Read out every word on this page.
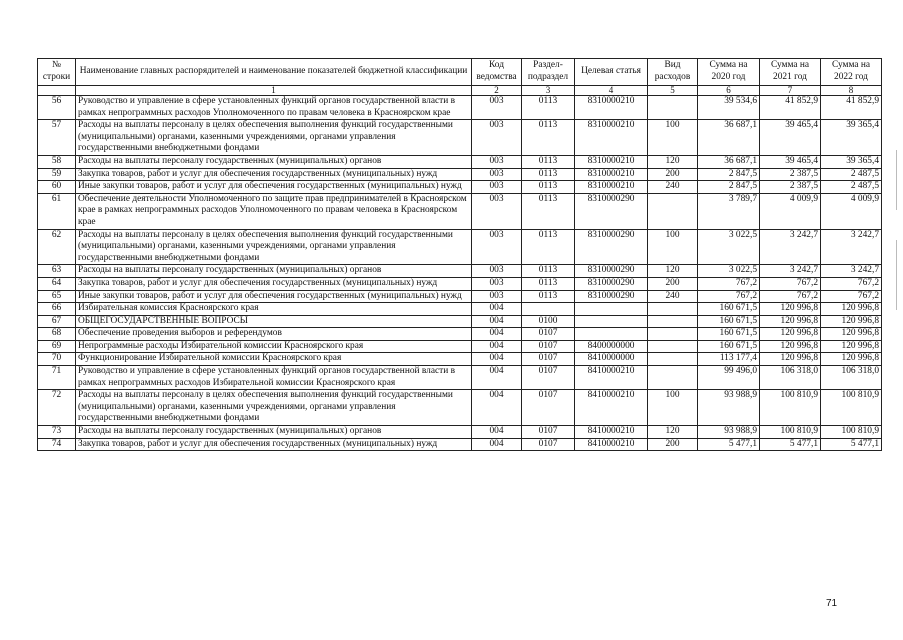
№ строки	Наименование главных распорядителей и наименование показателей бюджетной классификации	Код ведомства	Раздел-подраздел	Целевая статья	Вид расходов	Сумма на 2020 год	Сумма на 2021 год	Сумма на 2022 год
	1	2	3	4	5	6	7	8
56	Руководство и управление в сфере установленных функций органов государственной власти в рамках непрограммных расходов Уполномоченного по правам человека в Красноярском крае	003	0113	8310000210		39 534,6	41 852,9	41 852,9
57	Расходы на выплаты персоналу в целях обеспечения выполнения функций государственными (муниципальными) органами, казенными учреждениями, органами управления государственными внебюджетными фондами	003	0113	8310000210	100	36 687,1	39 465,4	39 365,4
58	Расходы на выплаты персоналу государственных (муниципальных) органов	003	0113	8310000210	120	36 687,1	39 465,4	39 365,4
59	Закупка товаров, работ и услуг для обеспечения государственных (муниципальных) нужд	003	0113	8310000210	200	2 847,5	2 387,5	2 487,5
60	Иные закупки товаров, работ и услуг для обеспечения государственных (муниципальных) нужд	003	0113	8310000210	240	2 847,5	2 387,5	2 487,5
61	Обеспечение деятельности Уполномоченного по защите прав предпринимателей в Красноярском крае в рамках непрограммных расходов Уполномоченного по правам человека в Красноярском крае	003	0113	8310000290		3 789,7	4 009,9	4 009,9
62	Расходы на выплаты персоналу в целях обеспечения выполнения функций государственными (муниципальными) органами, казенными учреждениями, органами управления государственными внебюджетными фондами	003	0113	8310000290	100	3 022,5	3 242,7	3 242,7
63	Расходы на выплаты персоналу государственных (муниципальных) органов	003	0113	8310000290	120	3 022,5	3 242,7	3 242,7
64	Закупка товаров, работ и услуг для обеспечения государственных (муниципальных) нужд	003	0113	8310000290	200	767,2	767,2	767,2
65	Иные закупки товаров, работ и услуг для обеспечения государственных (муниципальных) нужд	003	0113	8310000290	240	767,2	767,2	767,2
66	Избирательная комиссия Красноярского края	004				160 671,5	120 996,8	120 996,8
67	ОБЩЕГОСУДАРСТВЕННЫЕ ВОПРОСЫ	004	0100			160 671,5	120 996,8	120 996,8
68	Обеспечение проведения выборов и референдумов	004	0107			160 671,5	120 996,8	120 996,8
69	Непрограммные расходы Избирательной комиссии Красноярского края	004	0107	8400000000		160 671,5	120 996,8	120 996,8
70	Функционирование Избирательной комиссии Красноярского края	004	0107	8410000000		113 177,4	120 996,8	120 996,8
71	Руководство и управление в сфере установленных функций органов государственной власти в рамках непрограммных расходов Избирательной комиссии Красноярского края	004	0107	8410000210		99 496,0	106 318,0	106 318,0
72	Расходы на выплаты персоналу в целях обеспечения выполнения функций государственными (муниципальными) органами, казенными учреждениями, органами управления государственными внебюджетными фондами	004	0107	8410000210	100	93 988,9	100 810,9	100 810,9
73	Расходы на выплаты персоналу государственных (муниципальных) органов	004	0107	8410000210	120	93 988,9	100 810,9	100 810,9
74	Закупка товаров, работ и услуг для обеспечения государственных (муниципальных) нужд	004	0107	8410000210	200	5 477,1	5 477,1	5 477,1
71
